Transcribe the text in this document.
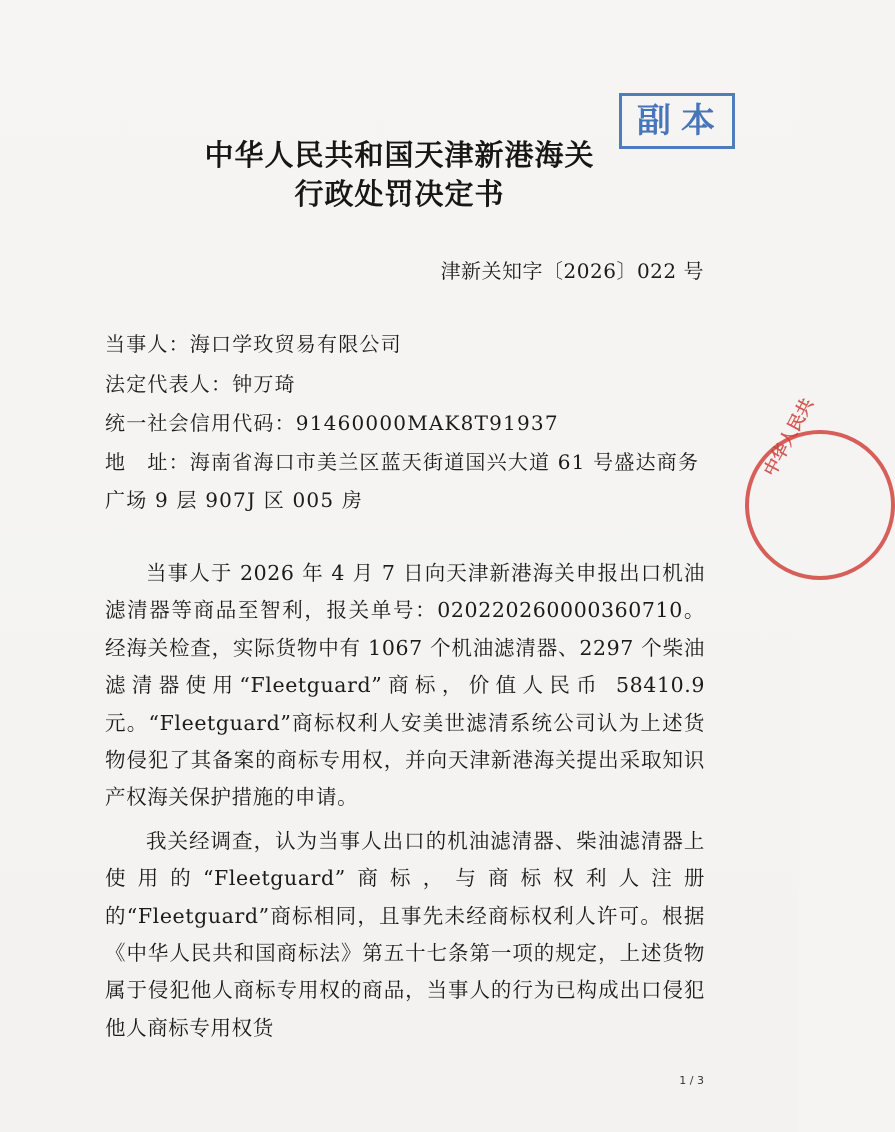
副本
中华人民共
中华人民共和国天津新港海关
行政处罚决定书
津新关知字〔2026〕022 号
当事人：海口学玫贸易有限公司
法定代表人：钟万琦
统一社会信用代码：91460000MAK8T91937
地　址：海南省海口市美兰区蓝天街道国兴大道 61 号盛达商务
广场 9 层 907J 区 005 房

当事人于 2026 年 4 月 7 日向天津新港海关申报出口机油滤清器等商品至智利，报关单号：020220260000360710。经海关检查，实际货物中有 1067 个机油滤清器、2297 个柴油滤清器使用“Fleetguard”商标，价值人民币 58410.9 元。“Fleetguard”商标权利人安美世滤清系统公司认为上述货物侵犯了其备案的商标专用权，并向天津新港海关提出采取知识产权海关保护措施的申请。

我关经调查，认为当事人出口的机油滤清器、柴油滤清器上使用的“Fleetguard”商标，与商标权利人注册的“Fleetguard”商标相同，且事先未经商标权利人许可。根据《中华人民共和国商标法》第五十七条第一项的规定，上述货物属于侵犯他人商标专用权的商品，当事人的行为已构成出口侵犯他人商标专用权货

1 / 3
